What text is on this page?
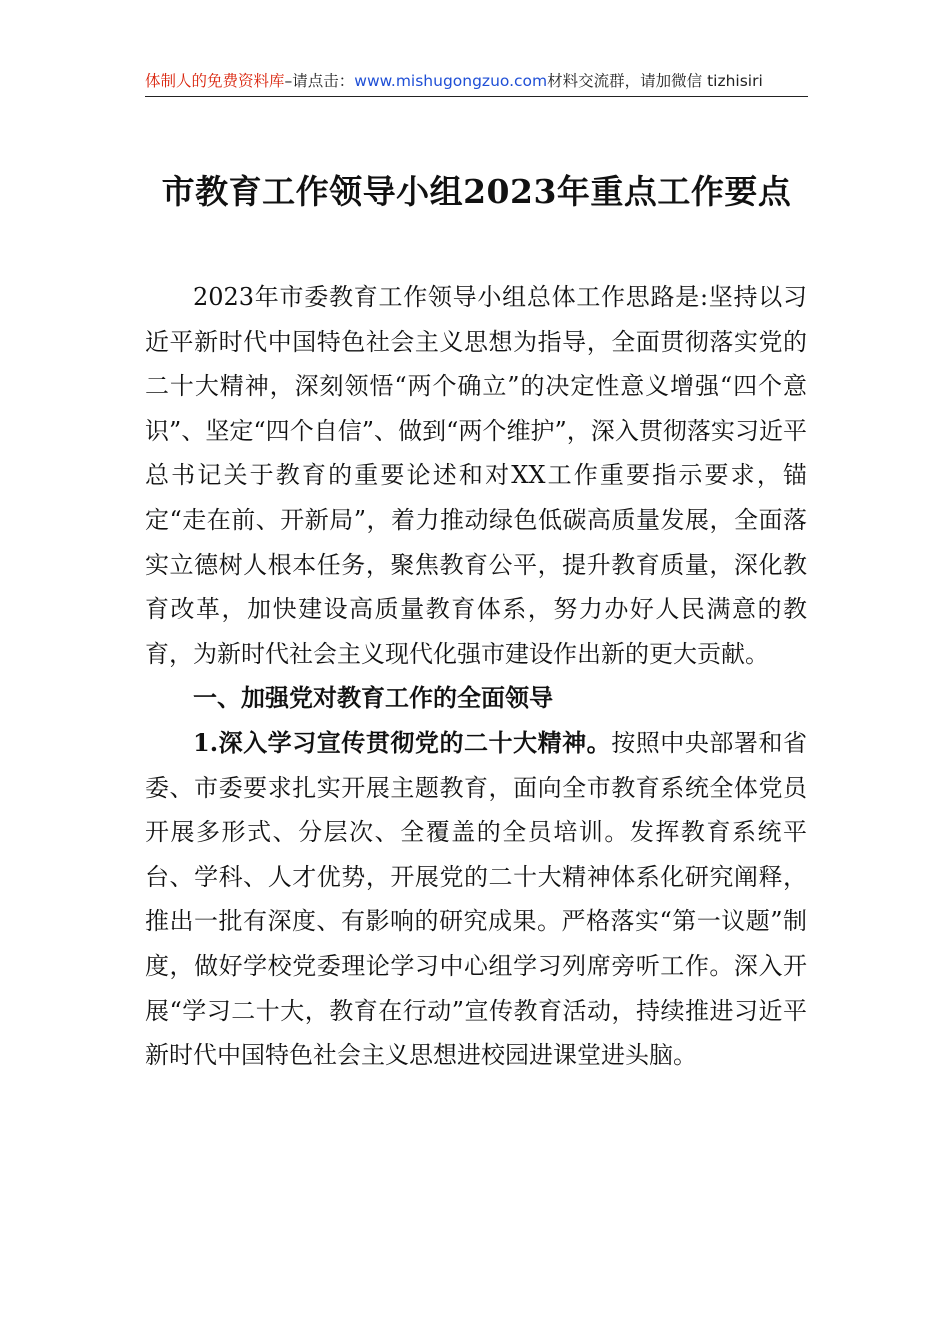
体制人的免费资料库–请点击：www.mishugongzuo.com材料交流群，请加微信 tizhisiri
市教育工作领导小组2023年重点工作要点

2023年市委教育工作领导小组总体工作思路是:坚持以习近平新时代中国特色社会主义思想为指导，全面贯彻落实党的二十大精神，深刻领悟“两个确立”的决定性意义增强“四个意识”、坚定“四个自信”、做到“两个维护”，深入贯彻落实习近平总书记关于教育的重要论述和对XX工作重要指示要求，锚定“走在前、开新局”，着力推动绿色低碳高质量发展，全面落实立德树人根本任务，聚焦教育公平，提升教育质量，深化教育改革，加快建设高质量教育体系，努力办好人民满意的教育，为新时代社会主义现代化强市建设作出新的更大贡献。

一、加强党对教育工作的全面领导

1.深入学习宣传贯彻党的二十大精神。按照中央部署和省委、市委要求扎实开展主题教育，面向全市教育系统全体党员开展多形式、分层次、全覆盖的全员培训。发挥教育系统平台、学科、人才优势，开展党的二十大精神体系化研究阐释，推出一批有深度、有影响的研究成果。严格落实“第一议题”制度，做好学校党委理论学习中心组学习列席旁听工作。深入开展“学习二十大，教育在行动”宣传教育活动，持续推进习近平新时代中国特色社会主义思想进校园进课堂进头脑。
